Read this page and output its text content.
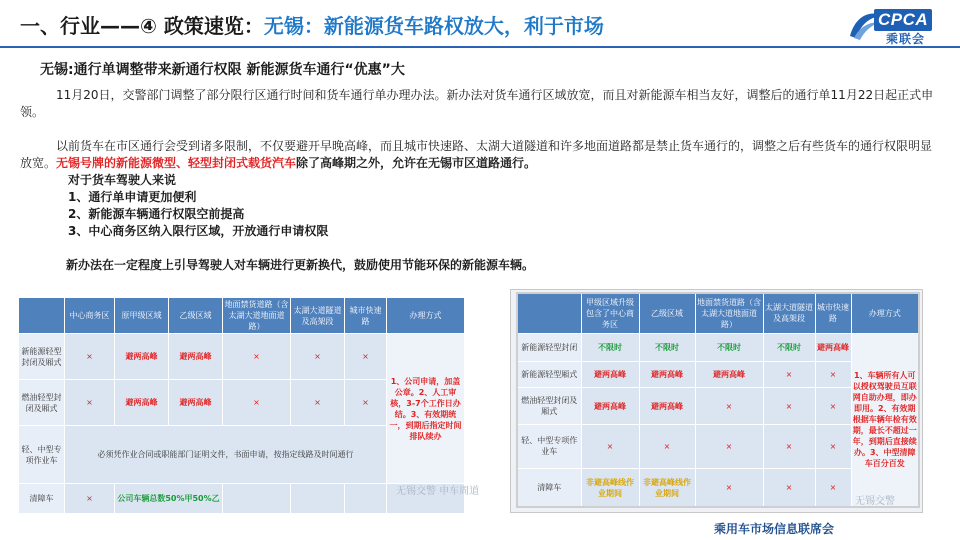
一、行业——④ 政策速览：无锡：新能源货车路权放大，利于市场	CPCA
乘联会
无锡:通行单调整带来新通行权限 新能源货车通行“优惠”大
11月20日，交警部门调整了部分限行区通行时间和货车通行单办理办法。新办法对货车通行区域放宽，而且对新能源车相当友好，调整后的通行单11月22日起正式申领。
以前货车在市区通行会受到诸多限制，不仅要避开早晚高峰，而且城市快速路、太湖大道隧道和许多地面道路都是禁止货车通行的，调整之后有些货车的通行权限明显放宽。无锡号牌的新能源微型、轻型封闭式载货汽车除了高峰期之外，允许在无锡市区道路通行。
对于货车驾驶人来说
1、通行单申请更加便利
2、新能源车辆通行权限空前提高
3、中心商务区纳入限行区域，开放通行申请权限
新办法在一定程度上引导驾驶人对车辆进行更新换代，鼓励使用节能环保的新能源车辆。
	中心商务区	原甲级区域	乙级区域	地面禁货道路（含太湖大道地面道路）	太湖大道隧道及高架段	城市快速路	办理方式
新能源轻型封闭及厢式	×	避两高峰	避两高峰	×	×	×	1、公司申请，加盖公章。2、人工审核，3-7个工作日办结。3、有效期统一，到期后指定时间排队续办
燃油轻型封闭及厢式	×	避两高峰	避两高峰	×	×	×	
轻、中型专项作业车	必须凭作业合同或职能部门证明文件，书面申请，按指定线路及时间通行						
清障车	×	公司车辆总数50%甲50%乙					
无锡交警 申车周道
	甲级区域升级包含了中心商务区	乙级区域	地面禁货道路（含太湖大道地面道路）	太湖大道隧道及高架段	城市快速路	办理方式
新能源轻型封闭	不限时	不限时	不限时	不限时	避两高峰	1、车辆所有人可以授权驾驶员互联网自助办理，即办即用。2、有效期根据车辆年检有效期，最长不超过一年，到期后直接续办。3、中型清障车百分百发
新能源轻型厢式	避两高峰	避两高峰	避两高峰	×	×	
燃油轻型封闭及厢式	避两高峰	避两高峰	×	×	×	
轻、中型专项作业车	×	×	×	×	×	
清障车	非避高峰线作业期间	非避高峰线作业期间	×	×	×	
无锡交警
乘用车市场信息联席会
